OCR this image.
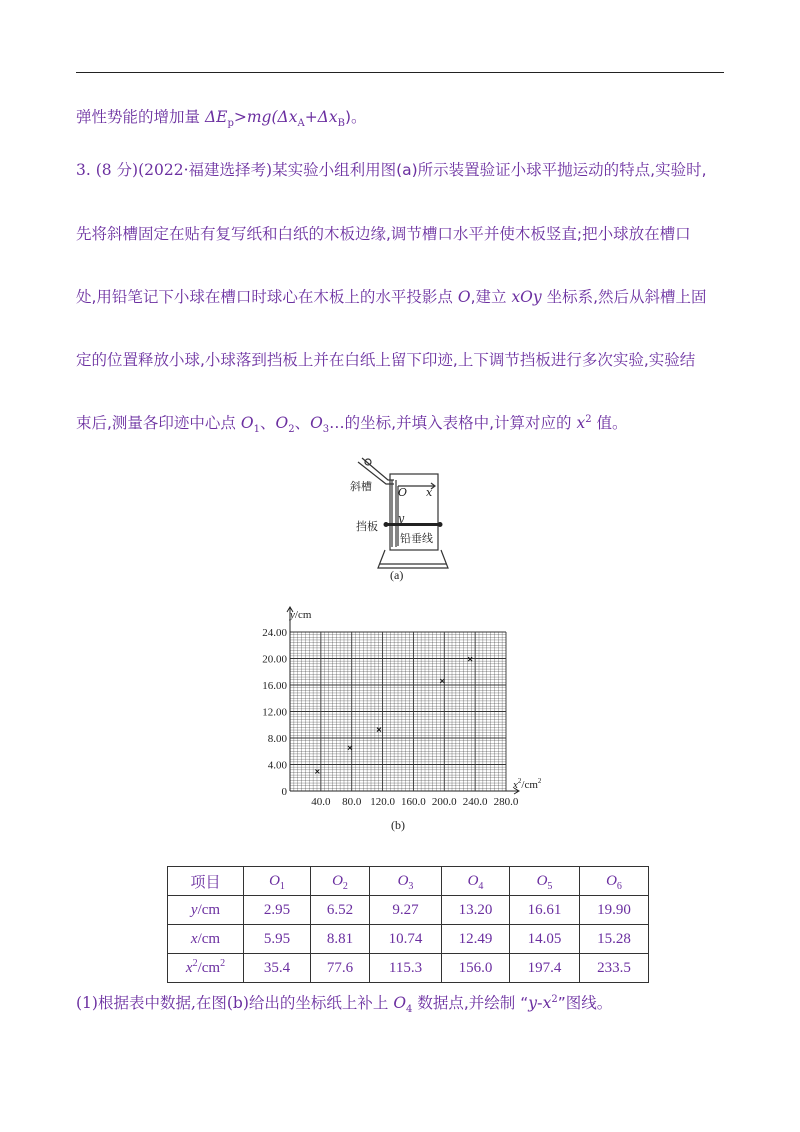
弹性势能的增加量 $\Delta E_p>mg(\Delta x_A+\Delta x_B)$。
3. (8 分)(2022·福建选择考)某实验小组利用图(a)所示装置验证小球平抛运动的特点,实验时,
先将斜槽固定在贴有复写纸和白纸的木板边缘,调节槽口水平并使木板竖直;把小球放在槽口
处,用铅笔记下小球在槽口时球心在木板上的水平投影点 O,建立 xOy 坐标系,然后从斜槽上固
定的位置释放小球,小球落到挡板上并在白纸上留下印迹,上下调节挡板进行多次实验,实验结
束后,测量各印迹中心点 $O_1$、$O_2$、$O_3\dots$的坐标,并填入表格中,计算对应的 $x^2$ 值。
斜槽 O x
y
挡板
铅垂线
(a)
40.0 80.0 120.0 160.0 200.0 240.0 280.0
0
4.00
8.00
12.00
16.00
20.00
24.00
y/cm
$x^2/cm^2$
(b)
项目	$O_1$	$O_2$	$O_3$	$O_4$	$O_5$	$O_6$
y/cm	2.95	6.52	9.27	13.20	16.61	19.90
x/cm	5.95	8.81	10.74	12.49	14.05	15.28
$x^2/cm^2$	35.4	77.6	115.3	156.0	197.4	233.5
(1)根据表中数据,在图(b)给出的坐标纸上补上 $O_4$ 数据点,并绘制 “$y-x^2$”图线。
